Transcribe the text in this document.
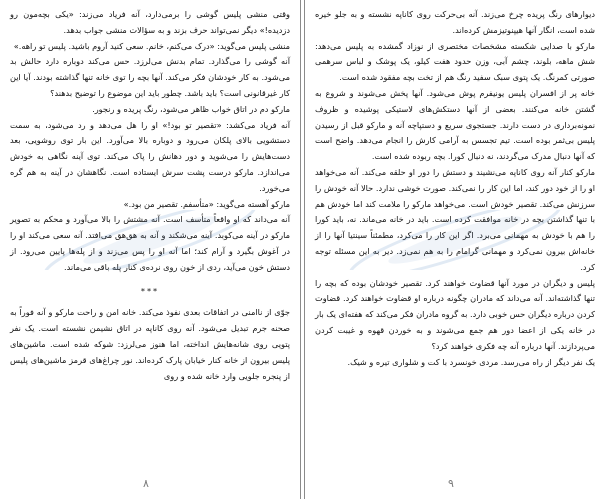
وقتی منشی پلیس گوشی را برمی‌دارد، آنه فریاد می‌زند: «یکی بچه‌مون رو دزدیده!» دیگر نمی‌تواند حرف بزند و به سؤالات منشی جواب بدهد.

منشی پلیس می‌گوید: «درک می‌کنم، خانم. سعی کنید آروم باشید. پلیس تو راهه.»

آنه گوشی را می‌گذارد. تمام بدنش می‌لرزد. حس می‌کند دوباره دارد حالش بد می‌شود. به کار خودشان فکر می‌کند. آنها بچه را توی خانه تنها گذاشته بودند. آیا این کار غیرقانونی است؟ باید باشد. چطور باید این موضوع را توضیح بدهند؟

مارکو دم در اتاق خواب ظاهر می‌شود، رنگ پریده و رنجور.

آنه فریاد می‌کشد: «تقصیر تو بود!» او را هل می‌دهد و رد می‌شود، به سمت دستشویی بالای پلکان می‌رود و دوباره بالا می‌آورد. این بار توی روشویی، بعد دست‌هایش را می‌شوید و دور دهانش را پاک می‌کند. توی آینه نگاهی به خودش می‌اندازد. مارکو درست پشت سرش ایستاده است. نگاهشان در آینه به هم گره می‌خورد.

مارکو آهسته می‌گوید: «متأسفم. تقصیر من بود.»

آنه می‌داند که او واقعاً متأسف است. آنه مشتش را بالا می‌آورد و محکم به تصویر مارکو در آینه می‌کوبد. آینه می‌شکند و آنه به هق‌هق می‌افتد. آنه سعی می‌کند او را در آغوش بگیرد و آرام کند؛ اما آنه او را پس می‌زند و از پله‌ها پایین می‌رود. از دستش خون می‌آید، ردی از خون روی نرده‌ی کنار پله باقی می‌ماند.

***

جوّی از ناامنی در اتفاقات بعدی نفوذ می‌کند. خانه امن و راحت مارکو و آنه فوراً به صحنه جرم تبدیل می‌شود. آنه روی کاناپه در اتاق نشیمن نشسته است. یک نفر پتویی روی شانه‌هایش انداخته، اما هنوز می‌لرزد: شوکه شده است. ماشین‌های پلیس بیرون از خانه کنار خیابان پارک کرده‌اند. نور چراغ‌های قرمز ماشین‌های پلیس از پنجره جلویی وارد خانه شده و روی

۸

دیوارهای رنگ پریده چرخ می‌زند. آنه بی‌حرکت روی کاناپه نشسته و به جلو خیره شده است، انگار آنها هیپنوتیزمش کرده‌اند.

مارکو با صدایی شکسته مشخصات مختصری از نوزاد گمشده به پلیس می‌دهد: شش ماهه، بلوند، چشم آبی، وزن حدود هفت کیلو، یک پوشک و لباس سرهمی صورتی کمرنگ. یک پتوی سبک سفید رنگ هم از تخت بچه مفقود شده است.

خانه پر از افسران پلیس یونیفرم پوش می‌شود. آنها پخش می‌شوند و شروع به گشتن خانه می‌کنند. بعضی از آنها دستکش‌های لاستیکی پوشیده و ظروف نمونه‌برداری در دست دارند. جستجوی سریع و دستپاچه آنه و مارکو قبل از رسیدن پلیس بی‌ثمر بوده است. تیم تجسس به آرامی کارش را انجام می‌دهد. واضح است که آنها دنبال مدرک می‌گردند، نه دنبال کورا. بچه ربوده شده است.

مارکو کنار آنه روی کاناپه می‌نشیند و دستش را دور او حلقه می‌کند. آنه می‌خواهد او را از خود دور کند، اما این کار را نمی‌کند. صورت خوشی ندارد. حالا آنه خودش را سرزنش می‌کند. تقصیر خودش است. می‌خواهد مارکو را ملامت کند اما خودش هم با تنها گذاشتن بچه در خانه موافقت کرده است. باید در خانه می‌ماند. نه، باید کورا را هم با خودش به مهمانی می‌برد. اگر این کار را می‌کرد، مطمئناً سینتیا آنها را از خانه‌اش بیرون نمی‌کرد و مهمانی گرامام را به هم نمی‌زد. دیر به این مسئله توجه کرد.

پلیس و دیگران در مورد آنها قضاوت خواهند کرد. تقصیر خودشان بوده که بچه را تنها گذاشته‌اند. آنه می‌داند که مادران چگونه درباره او قضاوت خواهند کرد. قضاوت کردن درباره دیگران حس خوبی دارد. به گروه مادران فکر می‌کند که هفته‌ای یک بار در خانه یکی از اعضا دور هم جمع می‌شوند و به خوردن قهوه و غیبت کردن می‌پردازند. آنها درباره آنه چه فکری خواهند کرد؟

یک نفر دیگر از راه می‌رسد. مردی خونسرد با کت و شلواری تیره و شیک.

۹
